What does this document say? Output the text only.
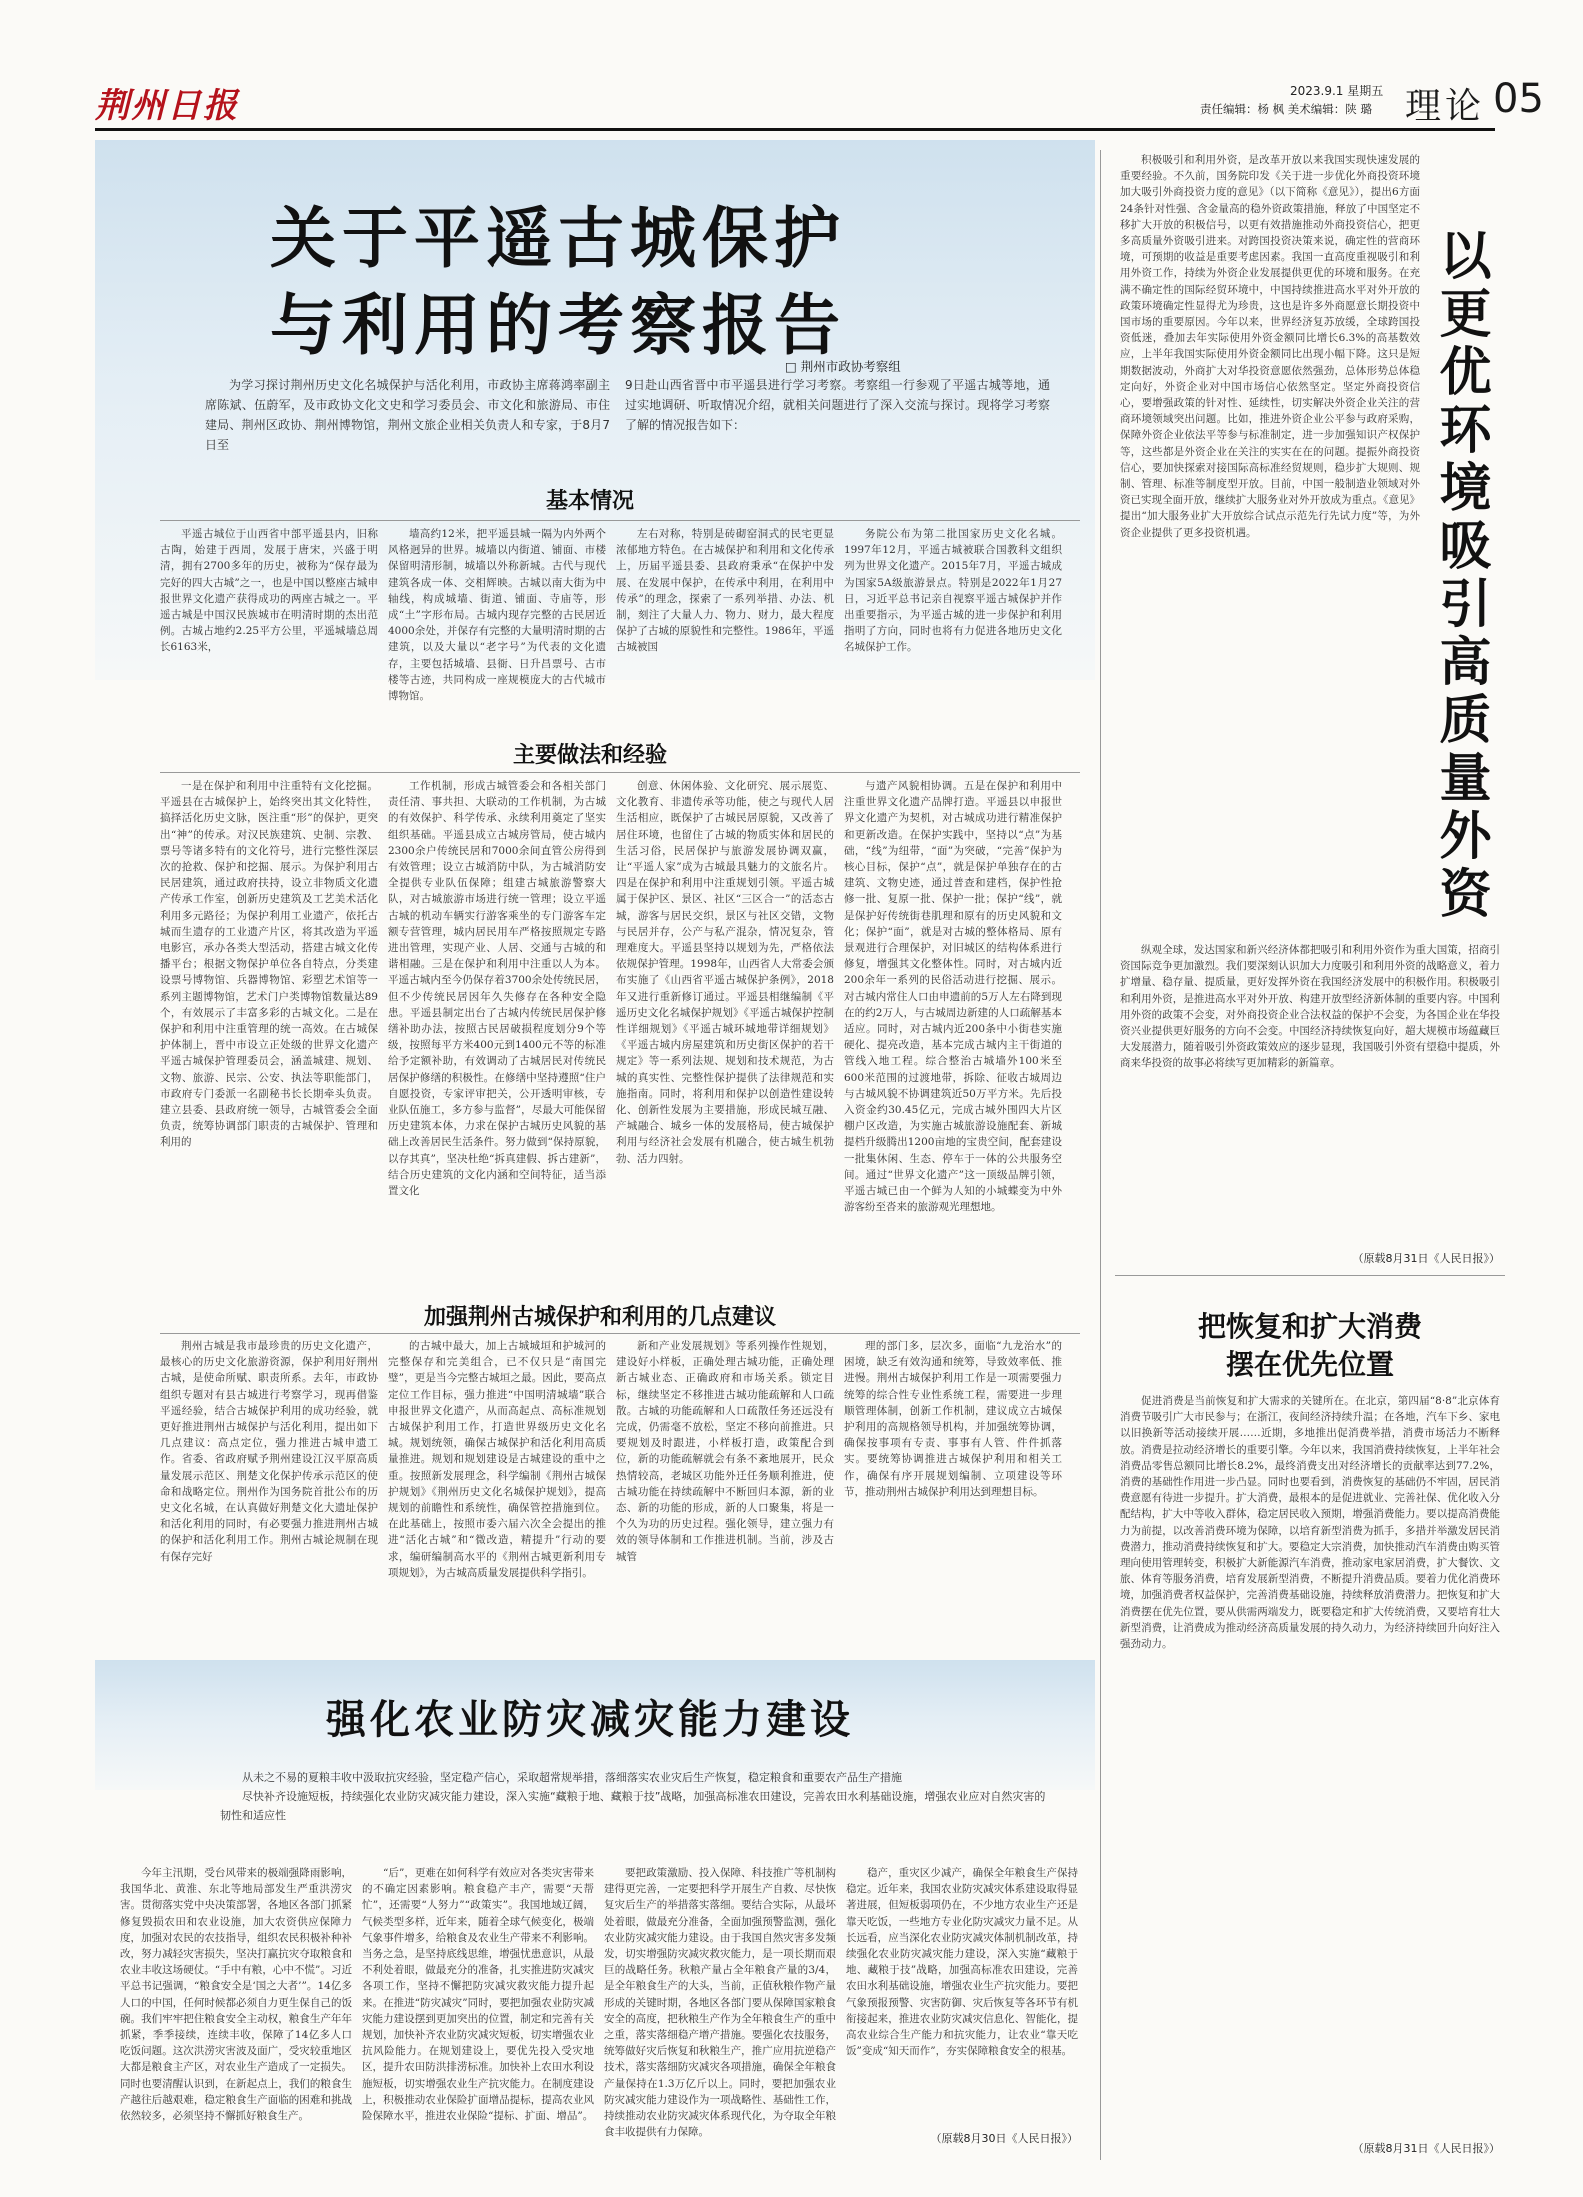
荆州日报	2023.9.1 星期五
责任编辑：杨 枫 美术编辑：陕 璐 理论 05
关于平遥古城保护
与利用的考察报告
□ 荆州市政协考察组

为学习探讨荆州历史文化名城保护与活化利用，市政协主席蒋鸿率副主席陈斌、伍蔚军，及市政协文化文史和学习委员会、市文化和旅游局、市住建局、荆州区政协、荆州博物馆，荆州文旅企业相关负责人和专家，于8月7日至

9日赴山西省晋中市平遥县进行学习考察。考察组一行参观了平遥古城等地，通过实地调研、听取情况介绍，就相关问题进行了深入交流与探讨。现将学习考察了解的情况报告如下：

基本情况

平遥古城位于山西省中部平遥县内，旧称古陶，始建于西周，发展于唐宋，兴盛于明清，拥有2700多年的历史，被称为“保存最为完好的四大古城”之一，也是中国以整座古城申报世界文化遗产获得成功的两座古城之一。平遥古城是中国汉民族城市在明清时期的杰出范例。古城占地约2.25平方公里，平遥城墙总周长6163米，

墙高约12米，把平遥县城一隔为内外两个风格迥异的世界。城墙以内街道、铺面、市楼保留明清形制，城墙以外称新城。古代与现代建筑各成一体、交相辉映。古城以南大街为中轴线，构成城墙、街道、铺面、寺庙等，形成“土”字形布局。古城内现存完整的古民居近4000余处，并保存有完整的大量明清时期的古建筑，以及大量以“老字号”为代表的文化遗存，主要包括城墙、县衙、日升昌票号、古市楼等古迹，共同构成一座规模庞大的古代城市博物馆。

左右对称，特别是砖砌窑洞式的民宅更显浓郁地方特色。在古城保护和利用和文化传承上，历届平遥县委、县政府秉承“在保护中发展、在发展中保护，在传承中利用，在利用中传承”的理念，探索了一系列举措、办法、机制，刻注了大量人力、物力、财力，最大程度保护了古城的原貌性和完整性。1986年，平遥古城被国

务院公布为第二批国家历史文化名城。1997年12月，平遥古城被联合国教科文组织列为世界文化遗产。2015年7月，平遥古城成为国家5A级旅游景点。特别是2022年1月27日，习近平总书记亲自视察平遥古城保护并作出重要指示，为平遥古城的进一步保护和利用指明了方向，同时也将有力促进各地历史文化名城保护工作。

主要做法和经验

一是在保护和利用中注重特有文化挖掘。平遥县在古城保护上，始终突出其文化特性，搞择活化历史文脉，医注重“形”的保护，更突出“神”的传承。对汉民族建筑、史制、宗教、票号等诸多特有的文化符号，进行完整性深层次的抢救、保护和挖掘、展示。为保护利用古民居建筑，通过政府扶持，设立非物质文化遗产传承工作室，创新历史建筑及工艺美术活化利用多元路径；为保护利用工业遗产，依托古城而生遗存的工业遗产片区，将其改造为平遥电影宫，承办各类大型活动，搭建古城文化传播平台；根据文物保护单位各自特点，分类建设票号博物馆、兵器博物馆、彩塑艺术馆等一系列主题博物馆，艺术门户类博物馆数量达89个，有效展示了丰富多彩的古城文化。二是在保护和利用中注重管理的统一高效。在古城保护体制上，晋中市设立正处级的世界文化遗产平遥古城保护管理委员会，涵盖城建、规划、文物、旅游、民宗、公安、执法等职能部门，市政府专门委派一名副秘书长长期牵头负责。建立县委、县政府统一领导，古城管委会全面负责，统筹协调部门职责的古城保护、管理和利用的

工作机制，形成古城管委会和各相关部门责任清、事共担、大联动的工作机制，为古城的有效保护、科学传承、永续利用奠定了坚实组织基础。平遥县成立古城房管局，使古城内2300余户传统民居和7000余间直管公房得到有效管理；设立古城消防中队，为古城消防安全提供专业队伍保障；组建古城旅游警察大队，对古城旅游市场进行统一管理；设立平遥古城的机动车辆实行游客乘坐的专门游客车定额专营管理，城内居民用车严格按照规定专路进出管理，实现产业、人居、交通与古城的和谐相融。三是在保护和利用中注重以人为本。平遥古城内至今仍保存着3700余处传统民居，但不少传统民居因年久失修存在各种安全隐患。平遥县制定出台了古城内传统民居保护修缮补助办法，按照古民居破损程度划分9个等级，按照每平方米400元到1400元不等的标准给予定额补助，有效调动了古城居民对传统民居保护修缮的积极性。在修缮中坚持遵照“住户自愿投资，专家评审把关，公开透明审核，专业队伍施工，多方参与监督”，尽最大可能保留历史建筑本体，力求在保护古城历史风貌的基础上改善居民生活条件。努力做到“保持原貌，以存其真”，坚决杜绝“拆真建假、拆古建新”，结合历史建筑的文化内涵和空间特征，适当添置文化

创意、休闲体验、文化研究、展示展览、文化教育、非遗传承等功能，使之与现代人居生活相应，既保护了古城民居原貌，又改善了居住环境，也留住了古城的物质实体和居民的生活习俗，民居保护与旅游发展协调双赢，让“平遥人家”成为古城最具魅力的文旅名片。四是在保护和利用中注重规划引领。平遥古城属于保护区、景区、社区“三区合一”的活态古城，游客与居民交织，景区与社区交错，文物与民居并存，公产与私产混杂，情况复杂，管理难度大。平遥县坚持以规划为先，严格依法依规保护管理。1998年，山西省人大常委会颁布实施了《山西省平遥古城保护条例》，2018年又进行重新修订通过。平遥县相继编制《平遥历史文化名城保护规划》《平遥古城保护控制性详细规划》《平遥古城环城地带详细规划》《平遥古城内房屋建筑和历史街区保护的若干规定》等一系列法规、规划和技术规范，为古城的真实性、完整性保护提供了法律规范和实施指南。同时，将利用和保护以创造性建设转化、创新性发展为主要措施，形成民城互融、产城融合、城乡一体的发展格局，使古城保护利用与经济社会发展有机融合，使古城生机勃勃、活力四射。

与遗产风貌相协调。五是在保护和利用中注重世界文化遗产品牌打造。平遥县以申报世界文化遗产为契机，对古城成功进行精准保护和更新改造。在保护实践中，坚持以“点”为基础，“线”为纽带，“面”为突破，“完善”保护为核心目标，保护“点”，就是保护单独存在的古建筑、文物史迹，通过普查和建档，保护性抢修一批、复原一批、保护一批；保护“线”，就是保护好传统街巷肌理和原有的历史风貌和文化；保护“面”，就是对古城的整体格局、原有景观进行合理保护，对旧城区的结构体系进行修复，增强其文化整体性。同时，对古城内近200余年一系列的民俗活动进行挖掘、展示。对古城内常住人口由申遗前的5万人左右降到现在的约2万人，与古城周边新建的人口疏解基本适应。同时，对古城内近200条中小街巷实施硬化、提亮改造，基本完成古城内主干街道的管线入地工程。综合整治古城墙外100米至600米范围的过渡地带，拆除、征收古城周边与古城风貌不协调建筑近50万平方米。先后投入资金约30.45亿元，完成古城外围四大片区棚户区改造，为实施古城旅游设施配套、新城提档升级腾出1200亩地的宝贵空间，配套建设一批集休闲、生态、停车于一体的公共服务空间。通过“世界文化遗产”这一顶级品牌引领，平遥古城已由一个鲜为人知的小城蝶变为中外游客纷至沓来的旅游观光理想地。

加强荆州古城保护和利用的几点建议

荆州古城是我市最珍贵的历史文化遗产，最核心的历史文化旅游资源，保护利用好荆州古城，是使命所赋、职责所系。去年，市政协组织专题对有县古城进行考察学习，现再借鉴平遥经验，结合古城保护利用的成功经验，就更好推进荆州古城保护与活化利用，提出如下几点建议：高点定位，强力推进古城申遗工作。省委、省政府赋予荆州建设江汉平原高质量发展示范区、荆楚文化保护传承示范区的使命和战略定位。荆州作为国务院首批公布的历史文化名城，在认真做好荆楚文化大遗址保护和活化利用的同时，有必要强力推进荆州古城的保护和活化利用工作。荆州古城论规制在现有保存完好

的古城中最大，加上古城城垣和护城河的完整保存和完美组合，已不仅只是“南国完璧”，更是当今完整古城垣之最。因此，要高点定位工作目标，强力推进“中国明清城墙”联合申报世界文化遗产，从而高起点、高标准规划古城保护利用工作，打造世界级历史文化名城。规划统领，确保古城保护和活化利用高质量推进。规划和规划建设是古城建设的重中之重。按照新发展理念，科学编制《荆州古城保护规划》《荆州历史文化名城保护规划》，提高规划的前瞻性和系统性，确保管控措施到位。在此基础上，按照市委六届六次全会提出的推进“活化古城”和“微改造，精提升”行动的要求，编研编制高水平的《荆州古城更新利用专项规划》，为古城高质量发展提供科学指引。

新和产业发展规划》等系列操作性规划，建设好小样板，正确处理古城功能，正确处理新古城业态、正确政府和市场关系。锁定目标，继续坚定不移推进古城功能疏解和人口疏散。古城的功能疏解和人口疏散任务还远没有完成，仍需毫不放松，坚定不移向前推进。只要规划及时跟进，小样板打造，政策配合到位，新的功能疏解就会有条不紊地展开，民众热情较高，老城区功能外迁任务顺利推进，使古城功能在持续疏解中不断回归本源，新的业态、新的功能的形成，新的人口聚集，将是一个久为功的历史过程。强化领导，建立强力有效的领导体制和工作推进机制。当前，涉及古城管

理的部门多，层次多，面临“九龙治水”的困境，缺乏有效沟通和统筹，导致效率低、推进慢。荆州古城保护利用工作是一项需要强力统筹的综合性专业性系统工程，需要进一步理顺管理体制，创新工作机制，建议成立古城保护利用的高规格领导机构，并加强统筹协调，确保按事项有专责、事事有人管、件件抓落实。要统筹协调推进古城保护利用和相关工作，确保有序开展规划编制、立项建设等环节，推动荆州古城保护利用达到理想目标。

强化农业防灾减灾能力建设

从未之不易的夏粮丰收中汲取抗灾经验，坚定稳产信心，采取超常规举措，落细落实农业灾后生产恢复，稳定粮食和重要农产品生产措施

尽快补齐设施短板，持续强化农业防灾减灾能力建设，深入实施“藏粮于地、藏粮于技”战略，加强高标准农田建设，完善农田水利基础设施，增强农业应对自然灾害的韧性和适应性

今年主汛期，受台风带来的极端强降雨影响，我国华北、黄淮、东北等地局部发生严重洪涝灾害。贯彻落实党中央决策部署，各地区各部门抓紧修复毁损农田和农业设施，加大农资供应保障力度，加强对农民的农技指导，组织农民积极补种补改，努力减轻灾害损失，坚决打赢抗灾夺取粮食和农业丰收这场硬仗。“手中有粮，心中不慌”。习近平总书记强调，“粮食安全是‘国之大者’”。14亿多人口的中国，任何时候都必须自力更生保自己的饭碗。我们牢牢把住粮食安全主动权，粮食生产年年抓紧，季季接续，连续丰收，保障了14亿多人口吃饭问题。这次洪涝灾害波及面广，受灾较重地区大都是粮食主产区，对农业生产造成了一定损失。同时也要清醒认识到，在新起点上，我们的粮食生产越往后越艰难，稳定粮食生产面临的困难和挑战依然较多，必须坚持不懈抓好粮食生产。

“后”，更难在如何科学有效应对各类灾害带来的不确定因素影响。粮食稳产丰产，需要“天帮忙”，还需要“人努力”“政策实”。我国地域辽阔，气候类型多样，近年来，随着全球气候变化，极端气象事件增多，给粮食及农业生产带来不利影响。当务之急，是坚持底线思维，增强忧患意识，从最不利处着眼，做最充分的准备，扎实推进防灾减灾各项工作，坚持不懈把防灾减灾救灾能力提升起来。在推进“防灾减灾”同时，要把加强农业防灾减灾能力建设摆到更加突出的位置，制定和完善有关规划，加快补齐农业防灾减灾短板，切实增强农业抗风险能力。在规划建设上，要优先投入受灾地区，提升农田防洪排涝标准。加快补上农田水利设施短板，切实增强农业生产抗灾能力。在制度建设上，积极推动农业保险扩面增品提标，提高农业风险保障水平，推进农业保险“提标、扩面、增品”。

要把政策激励、投入保障、科技推广等机制构建得更完善，一定要把科学开展生产自救、尽快恢复灾后生产的举措落实落细。要结合实际，从最坏处着眼，做最充分准备，全面加强预警监测，强化农业防灾减灾能力建设。由于我国自然灾害多发频发，切实增强防灾减灾救灾能力，是一项长期而艰巨的战略任务。秋粮产量占全年粮食产量的3/4，是全年粮食生产的大头，当前，正值秋粮作物产量形成的关键时期，各地区各部门要从保障国家粮食安全的高度，把秋粮生产作为全年粮食生产的重中之重，落实落细稳产增产措施。要强化农技服务，统筹做好灾后恢复和秋粮生产，推广应用抗逆稳产技术，落实落细防灾减灾各项措施，确保全年粮食产量保持在1.3万亿斤以上。同时，要把加强农业防灾减灾能力建设作为一项战略性、基础性工作，持续推动农业防灾减灾体系现代化，为夺取全年粮食丰收提供有力保障。

稳产，重灾区少减产，确保全年粮食生产保持稳定。近年来，我国农业防灾减灾体系建设取得显著进展，但短板弱项仍在，不少地方农业生产还是靠天吃饭，一些地方专业化防灾减灾力量不足。从长远看，应当深化农业防灾减灾体制机制改革，持续强化农业防灾减灾能力建设，深入实施“藏粮于地、藏粮于技”战略，加强高标准农田建设，完善农田水利基础设施，增强农业生产抗灾能力。要把气象预报预警、灾害防御、灾后恢复等各环节有机衔接起来，推进农业防灾减灾信息化、智能化，提高农业综合生产能力和抗灾能力，让农业“靠天吃饭”变成“知天而作”，夯实保障粮食安全的根基。

（原载8月30日《人民日报》）
以更优环境吸引高质量外资

积极吸引和利用外资，是改革开放以来我国实现快速发展的重要经验。不久前，国务院印发《关于进一步优化外商投资环境 加大吸引外商投资力度的意见》（以下简称《意见》），提出6方面24条针对性强、含金量高的稳外资政策措施，释放了中国坚定不移扩大开放的积极信号，以更有效措施推动外商投资信心，把更多高质量外资吸引进来。对跨国投资决策来说，确定性的营商环境，可预期的收益是重要考虑因素。我国一直高度重视吸引和利用外资工作，持续为外资企业发展提供更优的环境和服务。在充满不确定性的国际经贸环境中，中国持续推进高水平对外开放的政策环境确定性显得尤为珍贵，这也是许多外商愿意长期投资中国市场的重要原因。今年以来，世界经济复苏放缓，全球跨国投资低迷，叠加去年实际使用外资金额同比增长6.3%的高基数效应，上半年我国实际使用外资金额同比出现小幅下降。这只是短期数据波动，外商扩大对华投资意愿依然强劲，总体形势总体稳定向好，外资企业对中国市场信心依然坚定。坚定外商投资信心，要增强政策的针对性、延续性，切实解决外资企业关注的营商环境领域突出问题。比如，推进外资企业公平参与政府采购，保障外资企业依法平等参与标准制定，进一步加强知识产权保护等，这些都是外资企业在关注的实实在在的问题。提振外商投资信心，要加快探索对接国际高标准经贸规则，稳步扩大规则、规制、管理、标准等制度型开放。目前，中国一般制造业领域对外资已实现全面开放，继续扩大服务业对外开放成为重点。《意见》提出“加大服务业扩大开放综合试点示范先行先试力度”等，为外资企业提供了更多投资机遇。

纵观全球，发达国家和新兴经济体都把吸引和利用外资作为重大国策，招商引资国际竞争更加激烈。我们要深刻认识加大力度吸引和利用外资的战略意义，着力扩增量、稳存量、提质量，更好发挥外资在我国经济发展中的积极作用。积极吸引和利用外资，是推进高水平对外开放、构建开放型经济新体制的重要内容。中国利用外资的政策不会变，对外商投资企业合法权益的保护不会变，为各国企业在华投资兴业提供更好服务的方向不会变。中国经济持续恢复向好，超大规模市场蕴藏巨大发展潜力，随着吸引外资政策效应的逐步显现，我国吸引外资有望稳中提质，外商来华投资的故事必将续写更加精彩的新篇章。

（原载8月31日《人民日报》）
把恢复和扩大消费
摆在优先位置

促进消费是当前恢复和扩大需求的关键所在。在北京，第四届“8·8”北京体育消费节吸引广大市民参与；在浙江，夜间经济持续升温；在各地，汽车下乡、家电以旧换新等活动接续开展……近期，多地推出促消费举措，消费市场活力不断释放。消费是拉动经济增长的重要引擎。今年以来，我国消费持续恢复，上半年社会消费品零售总额同比增长8.2%，最终消费支出对经济增长的贡献率达到77.2%，消费的基础性作用进一步凸显。同时也要看到，消费恢复的基础仍不牢固，居民消费意愿有待进一步提升。扩大消费，最根本的是促进就业、完善社保、优化收入分配结构，扩大中等收入群体，稳定居民收入预期，增强消费能力。要以提高消费能力为前提，以改善消费环境为保障，以培育新型消费为抓手，多措并举激发居民消费潜力，推动消费持续恢复和扩大。要稳定大宗消费，加快推动汽车消费由购买管理向使用管理转变，积极扩大新能源汽车消费，推动家电家居消费，扩大餐饮、文旅、体育等服务消费，培育发展新型消费，不断提升消费品质。要着力优化消费环境，加强消费者权益保护，完善消费基础设施，持续释放消费潜力。把恢复和扩大消费摆在优先位置，要从供需两端发力，既要稳定和扩大传统消费，又要培育壮大新型消费，让消费成为推动经济高质量发展的持久动力，为经济持续回升向好注入强劲动力。

（原载8月31日《人民日报》）
